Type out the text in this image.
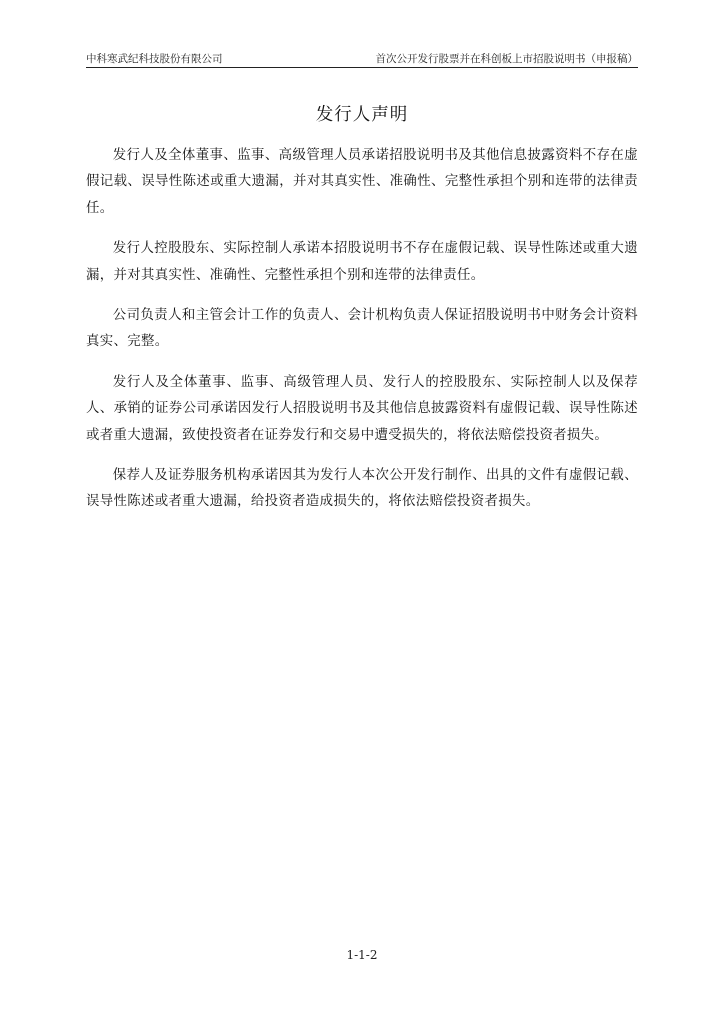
中科寒武纪科技股份有限公司	首次公开发行股票并在科创板上市招股说明书（申报稿）
发行人声明

发行人及全体董事、监事、高级管理人员承诺招股说明书及其他信息披露资料不存在虚假记载、误导性陈述或重大遗漏，并对其真实性、准确性、完整性承担个别和连带的法律责任。

发行人控股股东、实际控制人承诺本招股说明书不存在虚假记载、误导性陈述或重大遗漏，并对其真实性、准确性、完整性承担个别和连带的法律责任。

公司负责人和主管会计工作的负责人、会计机构负责人保证招股说明书中财务会计资料真实、完整。

发行人及全体董事、监事、高级管理人员、发行人的控股股东、实际控制人以及保荐人、承销的证券公司承诺因发行人招股说明书及其他信息披露资料有虚假记载、误导性陈述或者重大遗漏，致使投资者在证券发行和交易中遭受损失的，将依法赔偿投资者损失。

保荐人及证券服务机构承诺因其为发行人本次公开发行制作、出具的文件有虚假记载、误导性陈述或者重大遗漏，给投资者造成损失的，将依法赔偿投资者损失。

1-1-2
